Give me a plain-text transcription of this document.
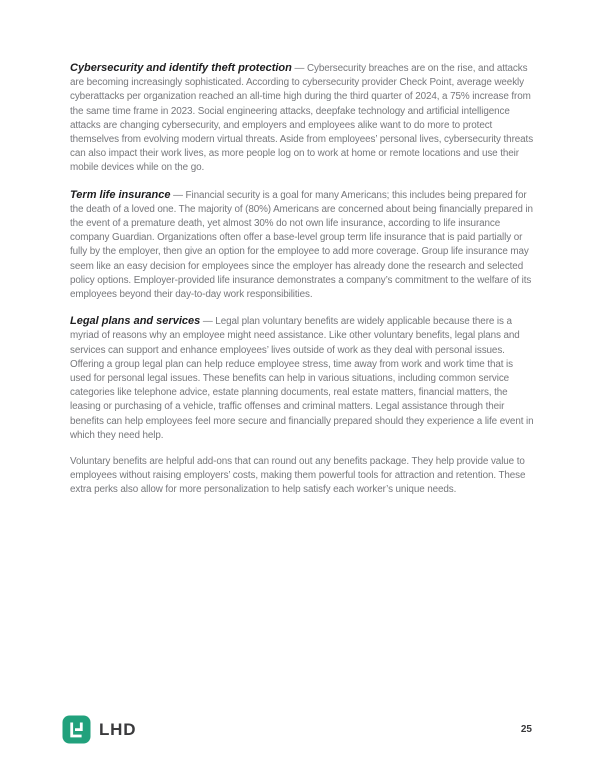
Cybersecurity and identify theft protection — Cybersecurity breaches are on the rise, and attacks are becoming increasingly sophisticated. According to cybersecurity provider Check Point, average weekly cyberattacks per organization reached an all-time high during the third quarter of 2024, a 75% increase from the same time frame in 2023. Social engineering attacks, deepfake technology and artificial intelligence attacks are changing cybersecurity, and employers and employees alike want to do more to protect themselves from evolving modern virtual threats. Aside from employees’ personal lives, cybersecurity threats can also impact their work lives, as more people log on to work at home or remote locations and use their mobile devices while on the go.

Term life insurance — Financial security is a goal for many Americans; this includes being prepared for the death of a loved one. The majority of (80%) Americans are concerned about being financially prepared in the event of a premature death, yet almost 30% do not own life insurance, according to life insurance company Guardian. Organizations often offer a base-level group term life insurance that is paid partially or fully by the employer, then give an option for the employee to add more coverage. Group life insurance may seem like an easy decision for employees since the employer has already done the research and selected policy options. Employer-provided life insurance demonstrates a company’s commitment to the welfare of its employees beyond their day-to-day work responsibilities.

Legal plans and services — Legal plan voluntary benefits are widely applicable because there is a myriad of reasons why an employee might need assistance. Like other voluntary benefits, legal plans and services can support and enhance employees’ lives outside of work as they deal with personal issues. Offering a group legal plan can help reduce employee stress, time away from work and work time that is used for personal legal issues. These benefits can help in various situations, including common service categories like telephone advice, estate planning documents, real estate matters, financial matters, the leasing or purchasing of a vehicle, traffic offenses and criminal matters. Legal assistance through their benefits can help employees feel more secure and financially prepared should they experience a life event in which they need help.

Voluntary benefits are helpful add-ons that can round out any benefits package. They help provide value to employees without raising employers’ costs, making them powerful tools for attraction and retention. These extra perks also allow for more personalization to help satisfy each worker’s unique needs.

LHD	25
